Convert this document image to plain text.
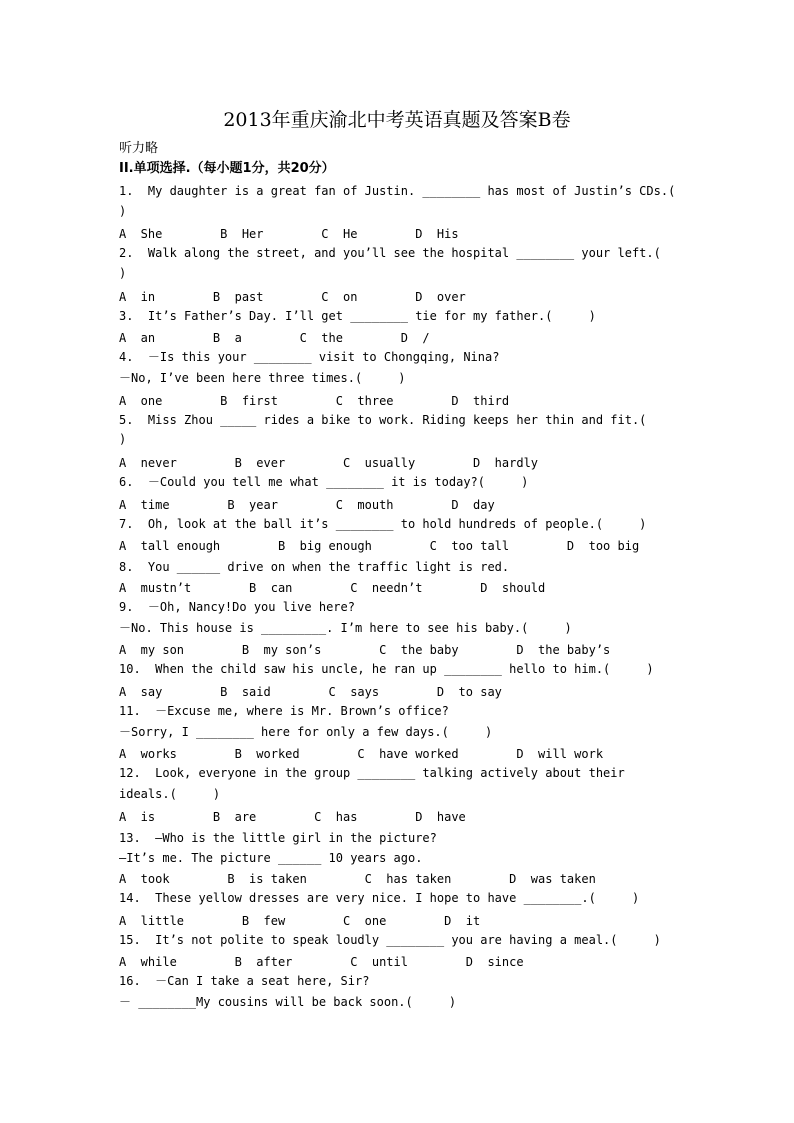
2013年重庆渝北中考英语真题及答案B卷
听力略
II.单项选择.（每小题1分，共20分）
1.  My daughter is a great fan of Justin. ________ has most of Justin’s CDs.(
)
A  She        B  Her        C  He        D  His
2.  Walk along the street, and you’ll see the hospital ________ your left.(
)
A  in        B  past        C  on        D  over
3.  It’s Father’s Day. I’ll get ________ tie for my father.(     )
A  an        B  a        C  the        D  /
4.  －Is this your ________ visit to Chongqing, Nina?
－No, I’ve been here three times.(     )
A  one        B  first        C  three        D  third
5.  Miss Zhou _____ rides a bike to work. Riding keeps her thin and fit.(
)
A  never        B  ever        C  usually        D  hardly
6.  －Could you tell me what ________ it is today?(     )
A  time        B  year        C  mouth        D  day
7.  Oh, look at the ball it’s ________ to hold hundreds of people.(     )
A  tall enough        B  big enough        C  too tall        D  too big
8.  You ______ drive on when the traffic light is red.
A  mustn’t        B  can        C  needn’t        D  should
9.  －Oh, Nancy!Do you live here?
－No. This house is _________. I’m here to see his baby.(     )
A  my son        B  my son’s        C  the baby        D  the baby’s
10.  When the child saw his uncle, he ran up ________ hello to him.(     )
A  say        B  said        C  says        D  to say
11.  －Excuse me, where is Mr. Brown’s office?
－Sorry, I ________ here for only a few days.(     )
A  works        B  worked        C  have worked        D  will work
12.  Look, everyone in the group ________ talking actively about their
ideals.(     )
A  is        B  are        C  has        D  have
13.  —Who is the little girl in the picture?
—It’s me. The picture ______ 10 years ago.
A  took        B  is taken        C  has taken        D  was taken
14.  These yellow dresses are very nice. I hope to have ________.(     )
A  little        B  few        C  one        D  it
15.  It’s not polite to speak loudly ________ you are having a meal.(     )
A  while        B  after        C  until        D  since
16.  －Can I take a seat here, Sir?
－ ________My cousins will be back soon.(     )
